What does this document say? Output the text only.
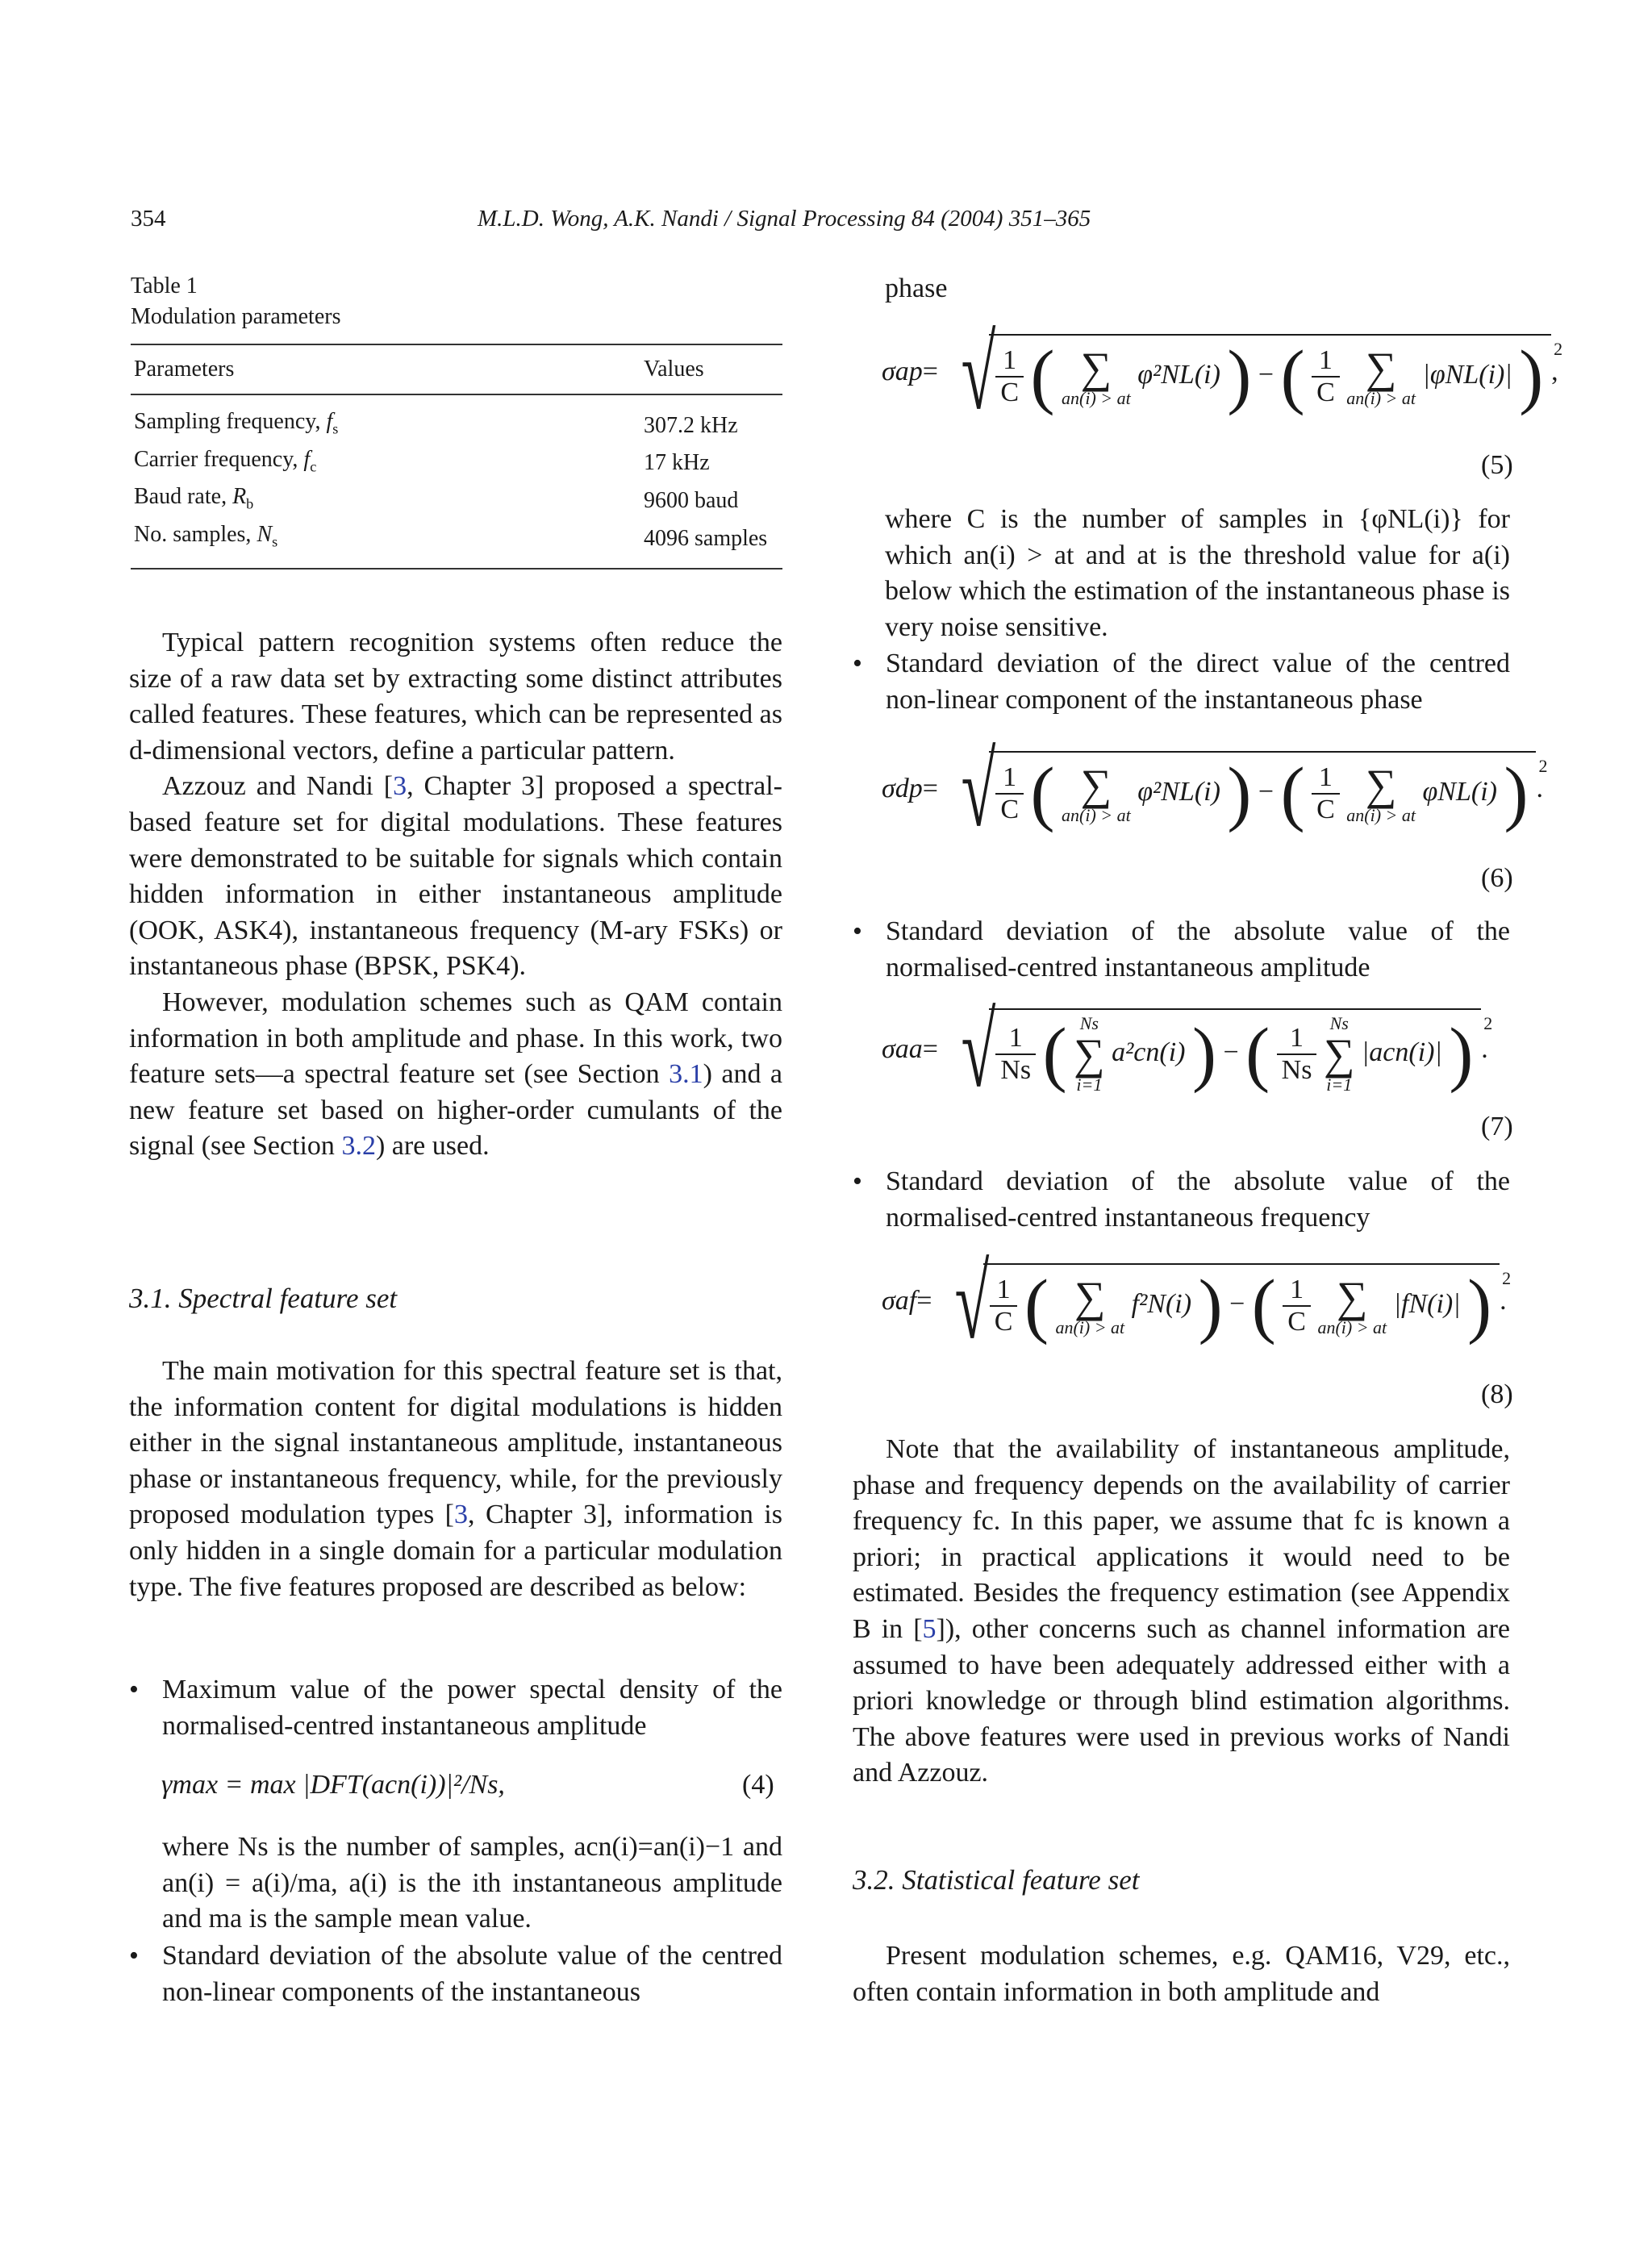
354	M.L.D. Wong, A.K. Nandi / Signal Processing 84 (2004) 351–365
Table 1
Modulation parameters
Parameters	Values
Sampling frequency, $f_s$	307.2 kHz
Carrier frequency, $f_c$	17 kHz
Baud rate, $R_b$	9600 baud
No. samples, $N_s$	4096 samples

Typical pattern recognition systems often reduce the size of a raw data set by extracting some distinct attributes called features. These features, which can be represented as d-dimensional vectors, define a particular pattern.

Azzouz and Nandi [3, Chapter 3] proposed a spectral-based feature set for digital modulations. These features were demonstrated to be suitable for signals which contain hidden information in either instantaneous amplitude (OOK, ASK4), instantaneous frequency (M-ary FSKs) or instantaneous phase (BPSK, PSK4).

However, modulation schemes such as QAM contain information in both amplitude and phase. In this work, two feature sets—a spectral feature set (see Section 3.1) and a new feature set based on higher-order cumulants of the signal (see Section 3.2) are used.

3.1. Spectral feature set

The main motivation for this spectral feature set is that, the information content for digital modulations is hidden either in the signal instantaneous amplitude, instantaneous phase or instantaneous frequency, while, for the previously proposed modulation types [3, Chapter 3], information is only hidden in a single domain for a particular modulation type. The five features proposed are described as below:

• Maximum value of the power spectal density of the normalised-centred instantaneous amplitude

γmax = max |DFT(acn(i))|²/Ns,	(4)
where Ns is the number of samples, acn(i)=an(i)−1 and an(i) = a(i)/ma, a(i) is the ith instantaneous amplitude and ma is the sample mean value.

• Standard deviation of the absolute value of the centred non-linear components of the instantaneous

phase
σap= √ $\frac{1}{C}$ ( ∑
an(i) > at
φ²NL(i) ) − ( $\frac{1}{C}$
∑
an(i) > at
|φNL(i)| ) 2
,
(5)
where C is the number of samples in {φNL(i)} for which an(i) > at and at is the threshold value for a(i) below which the estimation of the instantaneous phase is very noise sensitive.

• Standard deviation of the direct value of the centred non-linear component of the instantaneous phase

σdp= √ $\frac{1}{C}$ ( ∑
an(i) > at
φ²NL(i) ) − ( $\frac{1}{C}$
∑
an(i) > at
φNL(i) ) 2
.
(6)

• Standard deviation of the absolute value of the normalised-centred instantaneous amplitude

σaa= √ $\frac{1}{Ns}$ ( Ns
∑
i=1
a²cn(i) ) − ( $\frac{1}{Ns}$
Ns
∑
i=1
|acn(i)| ) 2
.
(7)

• Standard deviation of the absolute value of the normalised-centred instantaneous frequency

σaf= √ $\frac{1}{C}$ ( ∑
an(i) > at
f²N(i) ) − ( $\frac{1}{C}$
∑
an(i) > at
|fN(i)| ) 2
.
(8)

Note that the availability of instantaneous amplitude, phase and frequency depends on the availability of carrier frequency fc. In this paper, we assume that fc is known a priori; in practical applications it would need to be estimated. Besides the frequency estimation (see Appendix B in [5]), other concerns such as channel information are assumed to have been adequately addressed either with a priori knowledge or through blind estimation algorithms. The above features were used in previous works of Nandi and Azzouz.

3.2. Statistical feature set

Present modulation schemes, e.g. QAM16, V29, etc., often contain information in both amplitude and
